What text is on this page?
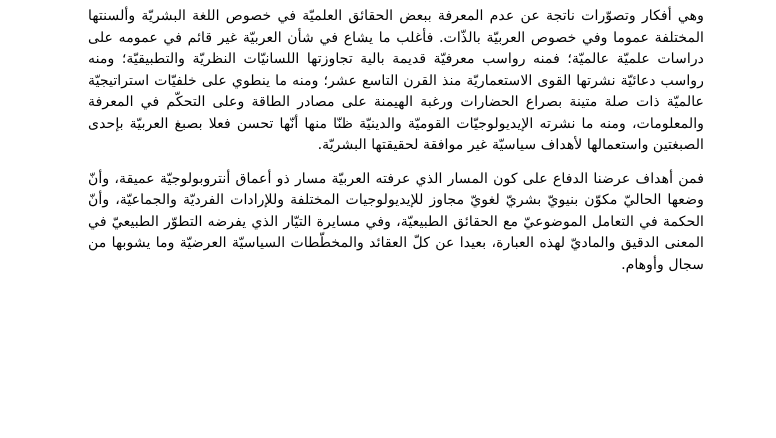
وهي أفكار وتصوّرات ناتجة عن عدم المعرفة ببعض الحقائق العلميّة في خصوص اللغة البشريّة وألسنتها المختلفة عموما وفي خصوص العربيّة بالذّات. فأغلب ما يشاع في شأن العربيّة غير قائم في عمومه على دراسات علميّة عالميّة؛ فمنه رواسب معرفيّة قديمة بالية تجاوزتها اللسانيّات النظريّة والتطبيقيّة؛ ومنه رواسب دعائيّة نشرتها القوى الاستعماريّة منذ القرن التاسع عشر؛ ومنه ما ينطوي على خلفيّات استراتيجيّة عالميّة ذات صلة متينة بصراع الحضارات ورغبة الهيمنة على مصادر الطاقة وعلى التحكّم في المعرفة والمعلومات، ومنه ما نشرته الإيديولوجيّات القوميّة والدينيّة ظنّا منها أنّها تحسن فعلا بصبغ العربيّة بإحدى الصبغتين واستعمالها لأهداف سياسيّة غير موافقة لحقيقتها البشريّة.

فمن أهداف عرضنا الدفاع على كون المسار الذي عرفته العربيّة مسار ذو أعماق أنتروبولوجيّة عميقة، وأنّ وضعها الحاليّ مكوّن بنيويّ بشريّ لغويّ مجاوز للإيديولوجيات المختلفة وللإرادات الفرديّة والجماعيّة، وأنّ الحكمة في التعامل الموضوعيّ مع الحقائق الطبيعيّة، وفي مسايرة التيّار الذي يفرضه التطوّر الطبيعيّ في المعنى الدقيق والماديّ لهذه العبارة، بعيدا عن كلّ العقائد والمخطّطات السياسيّة العرضيّة وما يشوبها من سجال وأوهام.
